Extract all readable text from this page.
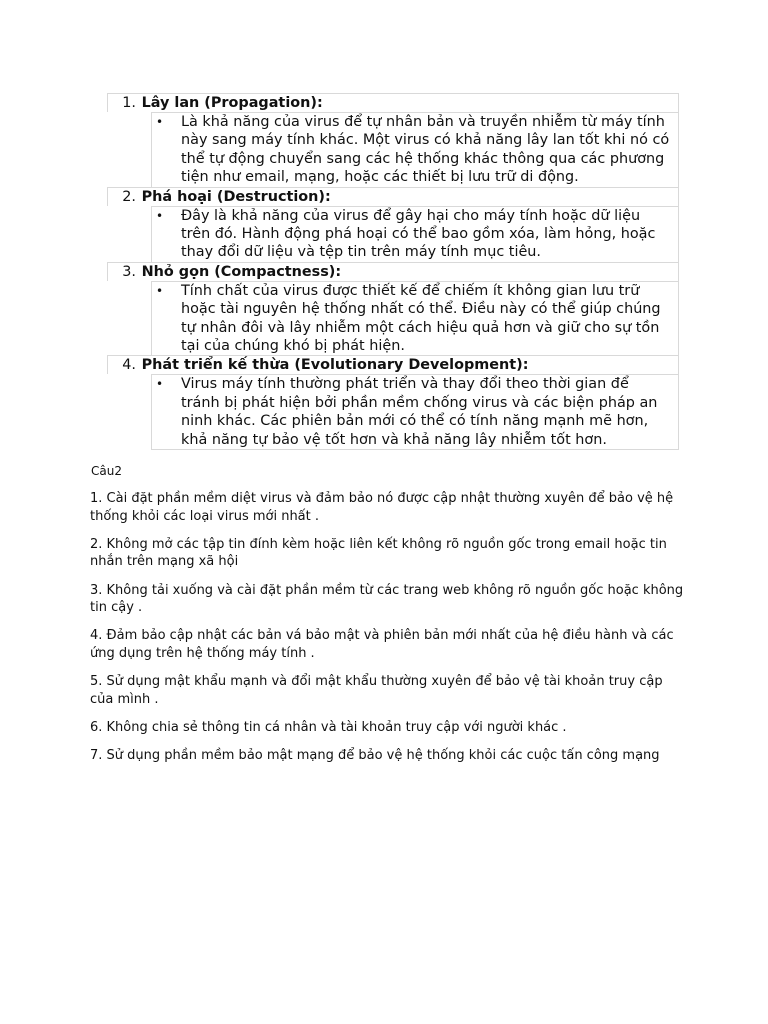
1. Lây lan (Propagation):
• Là khả năng của virus để tự nhân bản và truyền nhiễm từ máy tính này sang máy tính khác. Một virus có khả năng lây lan tốt khi nó có thể tự động chuyển sang các hệ thống khác thông qua các phương tiện như email, mạng, hoặc các thiết bị lưu trữ di động.
2. Phá hoại (Destruction):
• Đây là khả năng của virus để gây hại cho máy tính hoặc dữ liệu trên đó. Hành động phá hoại có thể bao gồm xóa, làm hỏng, hoặc thay đổi dữ liệu và tệp tin trên máy tính mục tiêu.
3. Nhỏ gọn (Compactness):
• Tính chất của virus được thiết kế để chiếm ít không gian lưu trữ hoặc tài nguyên hệ thống nhất có thể. Điều này có thể giúp chúng tự nhân đôi và lây nhiễm một cách hiệu quả hơn và giữ cho sự tồn tại của chúng khó bị phát hiện.
4. Phát triển kế thừa (Evolutionary Development):
• Virus máy tính thường phát triển và thay đổi theo thời gian để tránh bị phát hiện bởi phần mềm chống virus và các biện pháp an ninh khác. Các phiên bản mới có thể có tính năng mạnh mẽ hơn, khả năng tự bảo vệ tốt hơn và khả năng lây nhiễm tốt hơn.
Câu2

1. Cài đặt phần mềm diệt virus và đảm bảo nó được cập nhật thường xuyên để bảo vệ hệ thống khỏi các loại virus mới nhất .

2. Không mở các tập tin đính kèm hoặc liên kết không rõ nguồn gốc trong email hoặc tin nhắn trên mạng xã hội

3. Không tải xuống và cài đặt phần mềm từ các trang web không rõ nguồn gốc hoặc không tin cậy .

4. Đảm bảo cập nhật các bản vá bảo mật và phiên bản mới nhất của hệ điều hành và các ứng dụng trên hệ thống máy tính .

5. Sử dụng mật khẩu mạnh và đổi mật khẩu thường xuyên để bảo vệ tài khoản truy cập của mình .

6. Không chia sẻ thông tin cá nhân và tài khoản truy cập với người khác .

7. Sử dụng phần mềm bảo mật mạng để bảo vệ hệ thống khỏi các cuộc tấn công mạng
